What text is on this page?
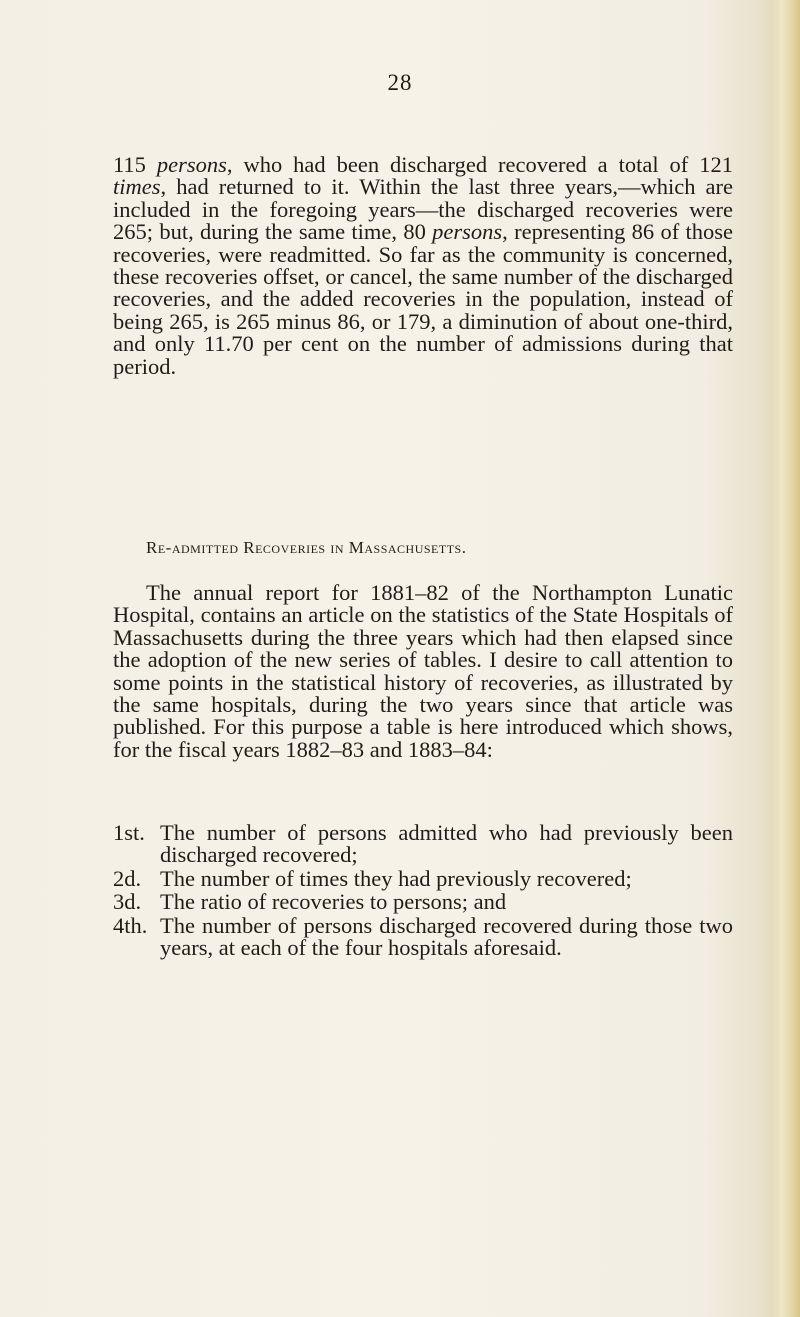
28
115 persons, who had been discharged recovered a total of 121 times, had returned to it. Within the last three years,—which are included in the foregoing years—the discharged recoveries were 265; but, during the same time, 80 persons, representing 86 of those recoveries, were readmitted. So far as the community is concerned, these recoveries offset, or cancel, the same number of the discharged recoveries, and the added recoveries in the population, instead of being 265, is 265 minus 86, or 179, a diminution of about one-third, and only 11.70 per cent on the number of admissions during that period.
Re-admitted Recoveries in Massachusetts.
The annual report for 1881–82 of the Northampton Lunatic Hospital, contains an article on the statistics of the State Hospitals of Massachusetts during the three years which had then elapsed since the adoption of the new series of tables. I desire to call attention to some points in the statistical history of recoveries, as illustrated by the same hospitals, during the two years since that article was published. For this purpose a table is here introduced which shows, for the fiscal years 1882–83 and 1883–84:
1st. The number of persons admitted who had previously been discharged recovered;
2d. The number of times they had previously recovered;
3d. The ratio of recoveries to persons; and
4th. The number of persons discharged recovered during those two years, at each of the four hospitals aforesaid.
